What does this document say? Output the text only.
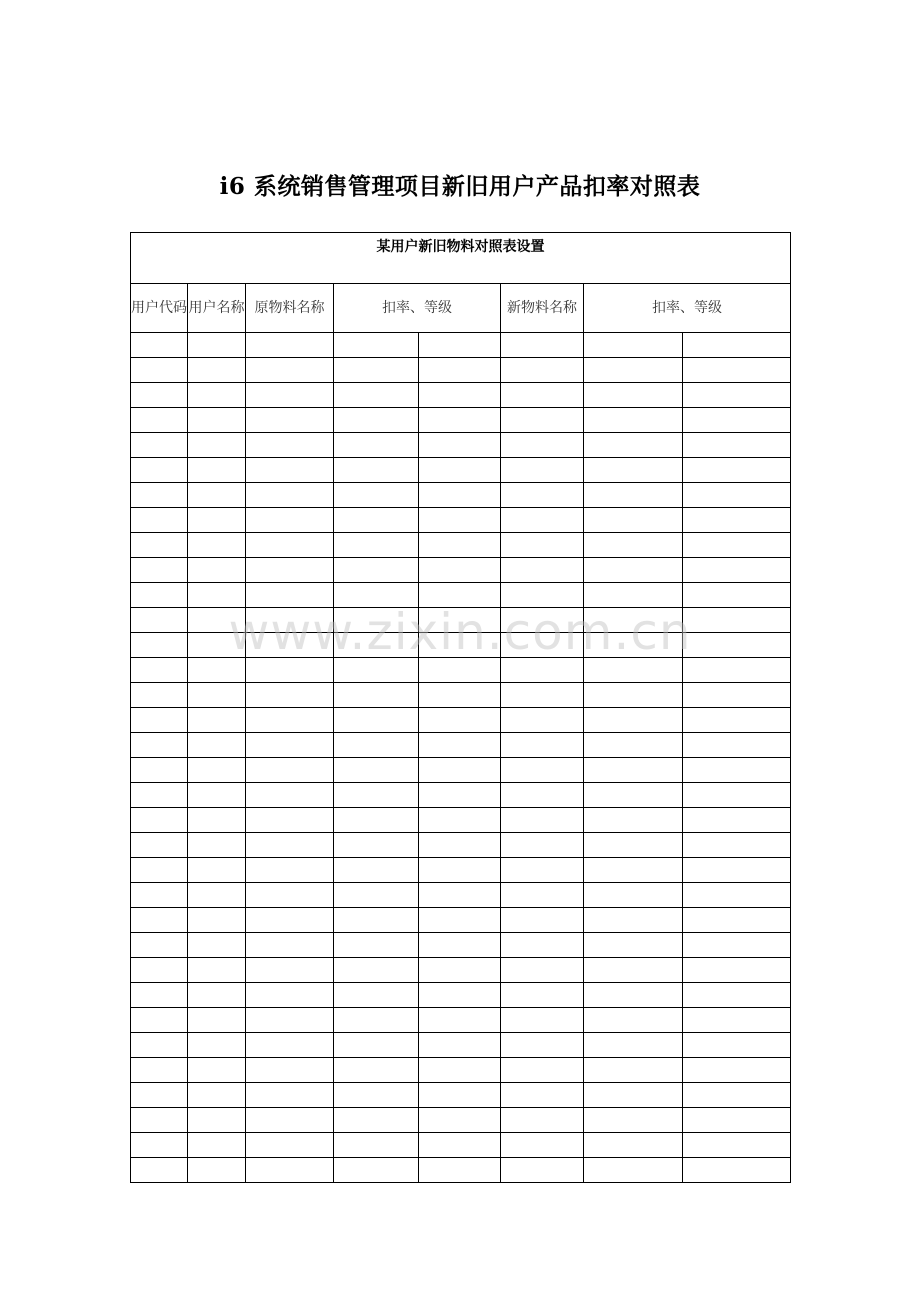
i6 系统销售管理项目新旧用户产品扣率对照表
某用户新旧物料对照表设置							
用户代码	用户名称	原物料名称	扣率、等级		新物料名称	扣率、等级	

www.zixin.com.cn
